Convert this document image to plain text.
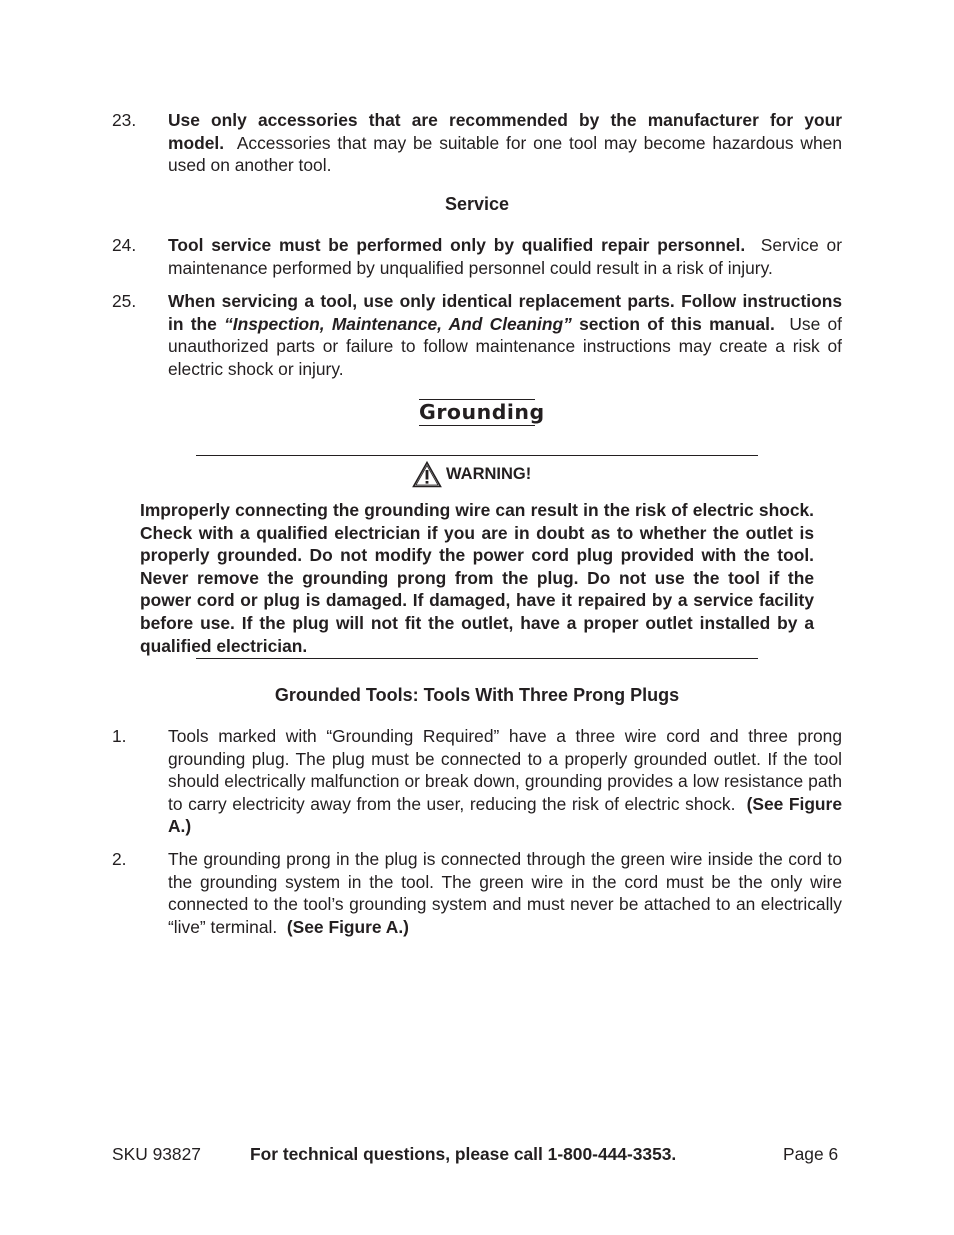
23. Use only accessories that are recommended by the manufacturer for your model. Accessories that may be suitable for one tool may become hazardous when used on another tool.
Service
24. Tool service must be performed only by qualified repair personnel. Service or maintenance performed by unqualified personnel could result in a risk of injury.
25. When servicing a tool, use only identical replacement parts. Follow instructions in the “Inspection, Maintenance, And Cleaning” section of this manual. Use of unauthorized parts or failure to follow maintenance instructions may create a risk of electric shock or injury.
Grounding
WARNING!
Improperly connecting the grounding wire can result in the risk of electric shock. Check with a qualified electrician if you are in doubt as to whether the outlet is properly grounded. Do not modify the power cord plug provided with the tool. Never remove the grounding prong from the plug. Do not use the tool if the power cord or plug is damaged. If damaged, have it repaired by a service facility before use. If the plug will not fit the outlet, have a proper outlet installed by a qualified electrician.
Grounded Tools: Tools With Three Prong Plugs
1. Tools marked with “Grounding Required” have a three wire cord and three prong grounding plug. The plug must be connected to a properly grounded outlet. If the tool should electrically malfunction or break down, grounding provides a low resistance path to carry electricity away from the user, reducing the risk of electric shock. (See Figure A.)
2. The grounding prong in the plug is connected through the green wire inside the cord to the grounding system in the tool. The green wire in the cord must be the only wire connected to the tool’s grounding system and must never be attached to an electrically “live” terminal. (See Figure A.)
SKU 93827	For technical questions, please call 1-800-444-3353.	Page 6
